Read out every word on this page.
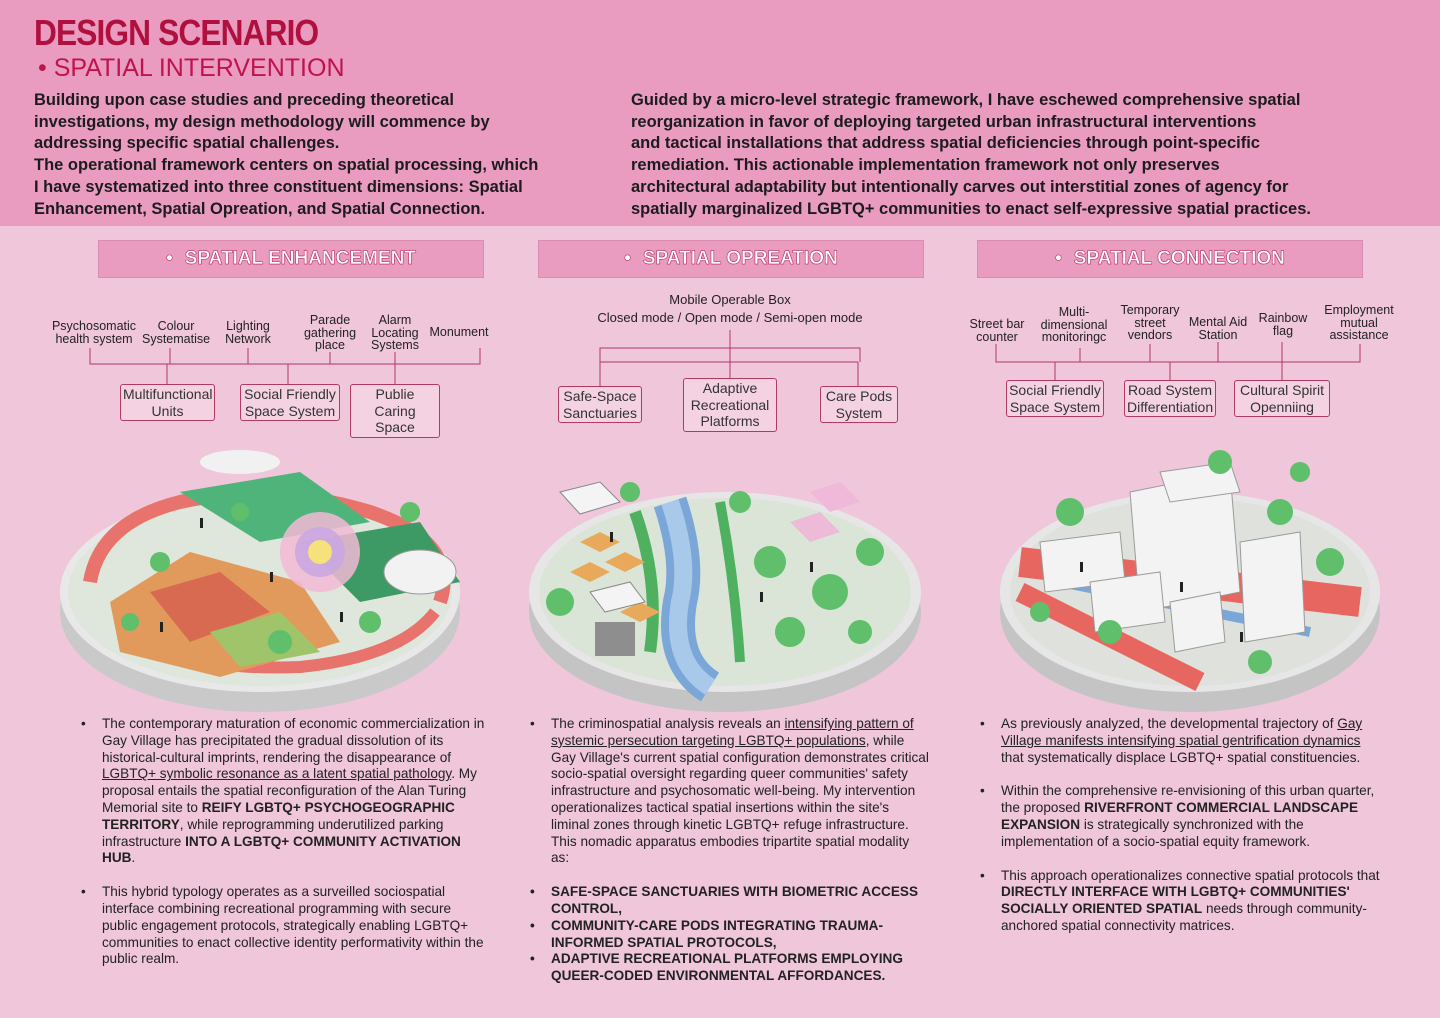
DESIGN SCENARIO
• SPATIAL INTERVENTION

Building upon case studies and preceding theoretical
investigations, my design methodology will commence by
addressing specific spatial challenges.
The operational framework centers on spatial processing, which
I have systematized into three constituent dimensions: Spatial
Enhancement, Spatial Opreation, and Spatial Connection.

Guided by a micro-level strategic framework, I have eschewed comprehensive spatial
reorganization in favor of deploying targeted urban infrastructural interventions
and tactical installations that address spatial deficiencies through point-specific
remediation. This actionable implementation framework not only preserves
architectural adaptability but intentionally carves out interstitial zones of agency for
spatially marginalized LGBTQ+ communities to enact self-expressive spatial practices.

• SPATIAL ENHANCEMENT	• SPATIAL OPREATION	• SPATIAL CONNECTION
Psychosomatic
health system
Colour
Systematise
Lighting
Network
Parade
gathering
place
Alarm
Locating
Systems
Monument
Multifunctional
Units
Social Friendly
Space System
Publie
Caring Space
Mobile Operable Box
Closed mode / Open mode / Semi-open mode
Safe-Space
Sanctuaries
Adaptive
Recreational
Platforms
Care Pods
System
Street bar
counter
Multi-
dimensional
monitoringc
Temporary
street
vendors
Mental Aid
Station
Rainbow
flag
Employment
mutual
assistance
Social Friendly
Space System
Road System
Differentiation
Cultural Spirit
Openniing
• The contemporary maturation of economic commercialization in Gay Village has precipitated the gradual dissolution of its historical-cultural imprints, rendering the disappearance of LGBTQ+ symbolic resonance as a latent spatial pathology. My proposal entails the spatial reconfiguration of the Alan Turing Memorial site to REIFY LGBTQ+ PSYCHOGEOGRAPHIC TERRITORY, while reprogramming underutilized parking infrastructure INTO A LGBTQ+ COMMUNITY ACTIVATION HUB.
• This hybrid typology operates as a surveilled sociospatial interface combining recreational programming with secure public engagement protocols, strategically enabling LGBTQ+ communities to enact collective identity performativity within the public realm.
• The criminospatial analysis reveals an intensifying pattern of systemic persecution targeting LGBTQ+ populations, while Gay Village's current spatial configuration demonstrates critical socio-spatial oversight regarding queer communities' safety infrastructure and psychosomatic well-being. My intervention operationalizes tactical spatial insertions within the site's liminal zones through kinetic LGBTQ+ refuge infrastructure. This nomadic apparatus embodies tripartite spatial modality as:
• SAFE-SPACE SANCTUARIES WITH BIOMETRIC ACCESS CONTROL,
• COMMUNITY-CARE PODS INTEGRATING TRAUMA-INFORMED SPATIAL PROTOCOLS,
• ADAPTIVE RECREATIONAL PLATFORMS EMPLOYING QUEER-CODED ENVIRONMENTAL AFFORDANCES.
• As previously analyzed, the developmental trajectory of Gay Village manifests intensifying spatial gentrification dynamics that systematically displace LGBTQ+ spatial constituencies.
• Within the comprehensive re-envisioning of this urban quarter, the proposed RIVERFRONT COMMERCIAL LANDSCAPE EXPANSION is strategically synchronized with the implementation of a socio-spatial equity framework.
• This approach operationalizes connective spatial protocols that DIRECTLY INTERFACE WITH LGBTQ+ COMMUNITIES' SOCIALLY ORIENTED SPATIAL needs through community-anchored spatial connectivity matrices.
